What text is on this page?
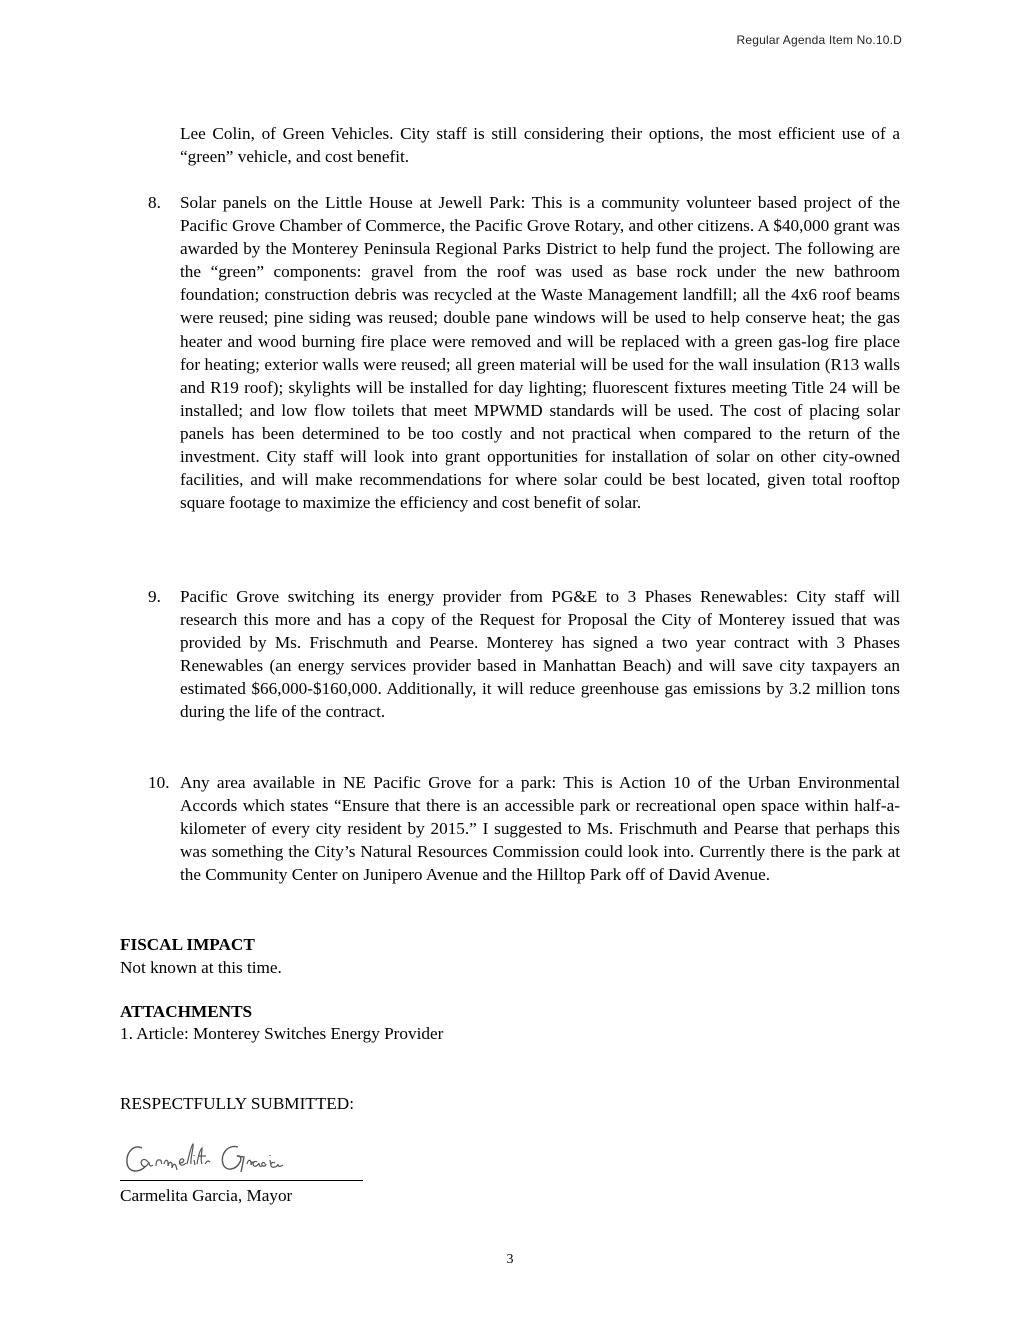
Regular Agenda Item No.10.D
Lee Colin, of Green Vehicles. City staff is still considering their options, the most efficient use of a “green” vehicle, and cost benefit.
8. Solar panels on the Little House at Jewell Park: This is a community volunteer based project of the Pacific Grove Chamber of Commerce, the Pacific Grove Rotary, and other citizens. A $40,000 grant was awarded by the Monterey Peninsula Regional Parks District to help fund the project. The following are the “green” components: gravel from the roof was used as base rock under the new bathroom foundation; construction debris was recycled at the Waste Management landfill; all the 4x6 roof beams were reused; pine siding was reused; double pane windows will be used to help conserve heat; the gas heater and wood burning fire place were removed and will be replaced with a green gas-log fire place for heating; exterior walls were reused; all green material will be used for the wall insulation (R13 walls and R19 roof); skylights will be installed for day lighting; fluorescent fixtures meeting Title 24 will be installed; and low flow toilets that meet MPWMD standards will be used. The cost of placing solar panels has been determined to be too costly and not practical when compared to the return of the investment. City staff will look into grant opportunities for installation of solar on other city-owned facilities, and will make recommendations for where solar could be best located, given total rooftop square footage to maximize the efficiency and cost benefit of solar.
9. Pacific Grove switching its energy provider from PG&E to 3 Phases Renewables: City staff will research this more and has a copy of the Request for Proposal the City of Monterey issued that was provided by Ms. Frischmuth and Pearse. Monterey has signed a two year contract with 3 Phases Renewables (an energy services provider based in Manhattan Beach) and will save city taxpayers an estimated $66,000-$160,000. Additionally, it will reduce greenhouse gas emissions by 3.2 million tons during the life of the contract.
10. Any area available in NE Pacific Grove for a park: This is Action 10 of the Urban Environmental Accords which states “Ensure that there is an accessible park or recreational open space within half-a-kilometer of every city resident by 2015.” I suggested to Ms. Frischmuth and Pearse that perhaps this was something the City’s Natural Resources Commission could look into. Currently there is the park at the Community Center on Junipero Avenue and the Hilltop Park off of David Avenue.
FISCAL IMPACT
Not known at this time.
ATTACHMENTS
1. Article: Monterey Switches Energy Provider
RESPECTFULLY SUBMITTED:
Carmelita Garcia, Mayor
3
